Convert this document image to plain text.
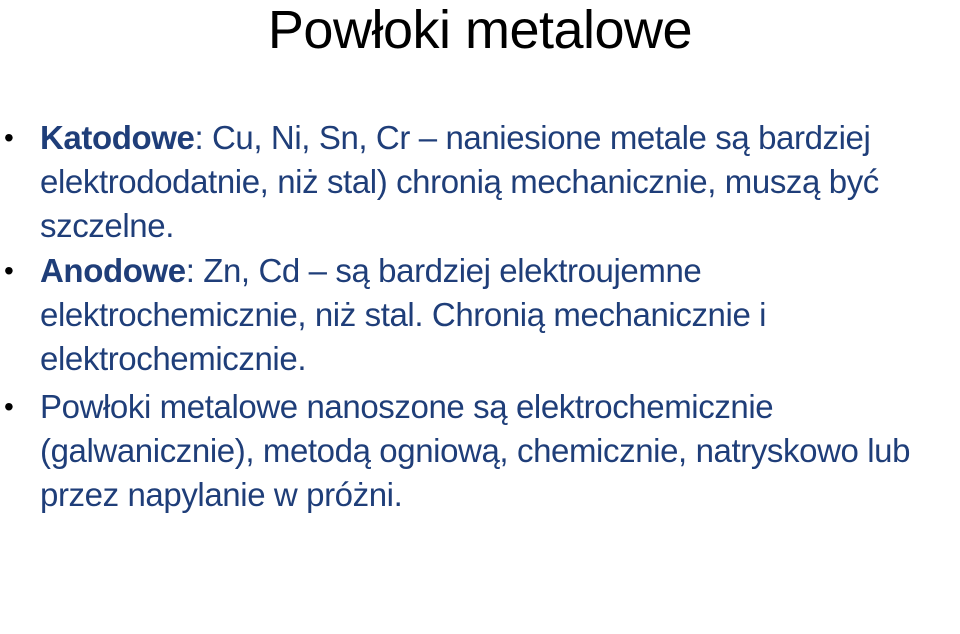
Powłoki metalowe
• Katodowe: Cu, Ni, Sn, Cr – naniesione metale są bardziej elektrododatnie, niż stal) chronią mechanicznie, muszą być szczelne.
• Anodowe: Zn, Cd – są bardziej elektroujemne elektrochemicznie, niż stal. Chronią mechanicznie i elektrochemicznie.
• Powłoki metalowe nanoszone są elektrochemicznie (galwanicznie), metodą ogniową, chemicznie, natryskowo lub przez napylanie w próżni.
